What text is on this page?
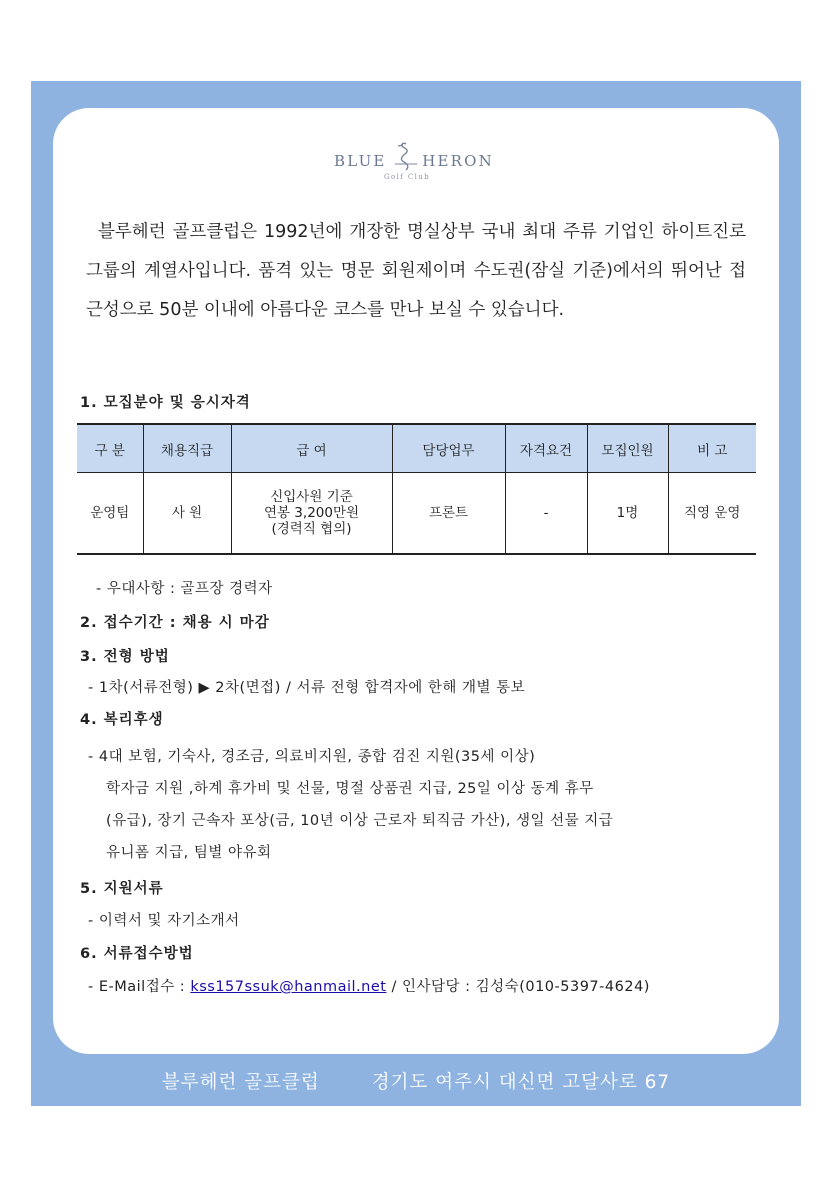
BLUE HERON
Golf Club

블루헤런 골프클럽은 1992년에 개장한 명실상부 국내 최대 주류 기업인 하이트진로 그룹의 계열사입니다. 품격 있는 명문 회원제이며 수도권(잠실 기준)에서의 뛰어난 접근성으로 50분 이내에 아름다운 코스를 만나 보실 수 있습니다.

1. 모집분야 및 응시자격
구 분	채용직급	급 여	담당업무	자격요건	모집인원	비 고
운영팀	사 원	신입사원 기준
연봉 3,200만원
(경력직 협의)	프론트	-	1명	직영 운영
- 우대사항 : 골프장 경력자
2. 접수기간 : 채용 시 마감
3. 전형 방법
- 1차(서류전형) ▶ 2차(면접) / 서류 전형 합격자에 한해 개별 통보
4. 복리후생
- 4대 보험, 기숙사, 경조금, 의료비지원, 종합 검진 지원(35세 이상)
학자금 지원 ,하계 휴가비 및 선물, 명절 상품권 지급, 25일 이상 동계 휴무
(유급), 장기 근속자 포상(금, 10년 이상 근로자 퇴직금 가산), 생일 선물 지급
유니폼 지급, 팀별 야유회
5. 지원서류
- 이력서 및 자기소개서
6. 서류접수방법
- E-Mail접수 : kss157ssuk@hanmail.net / 인사담당 : 김성숙(010-5397-4624)
블루헤런 골프클럽	경기도 여주시 대신면 고달사로 67
